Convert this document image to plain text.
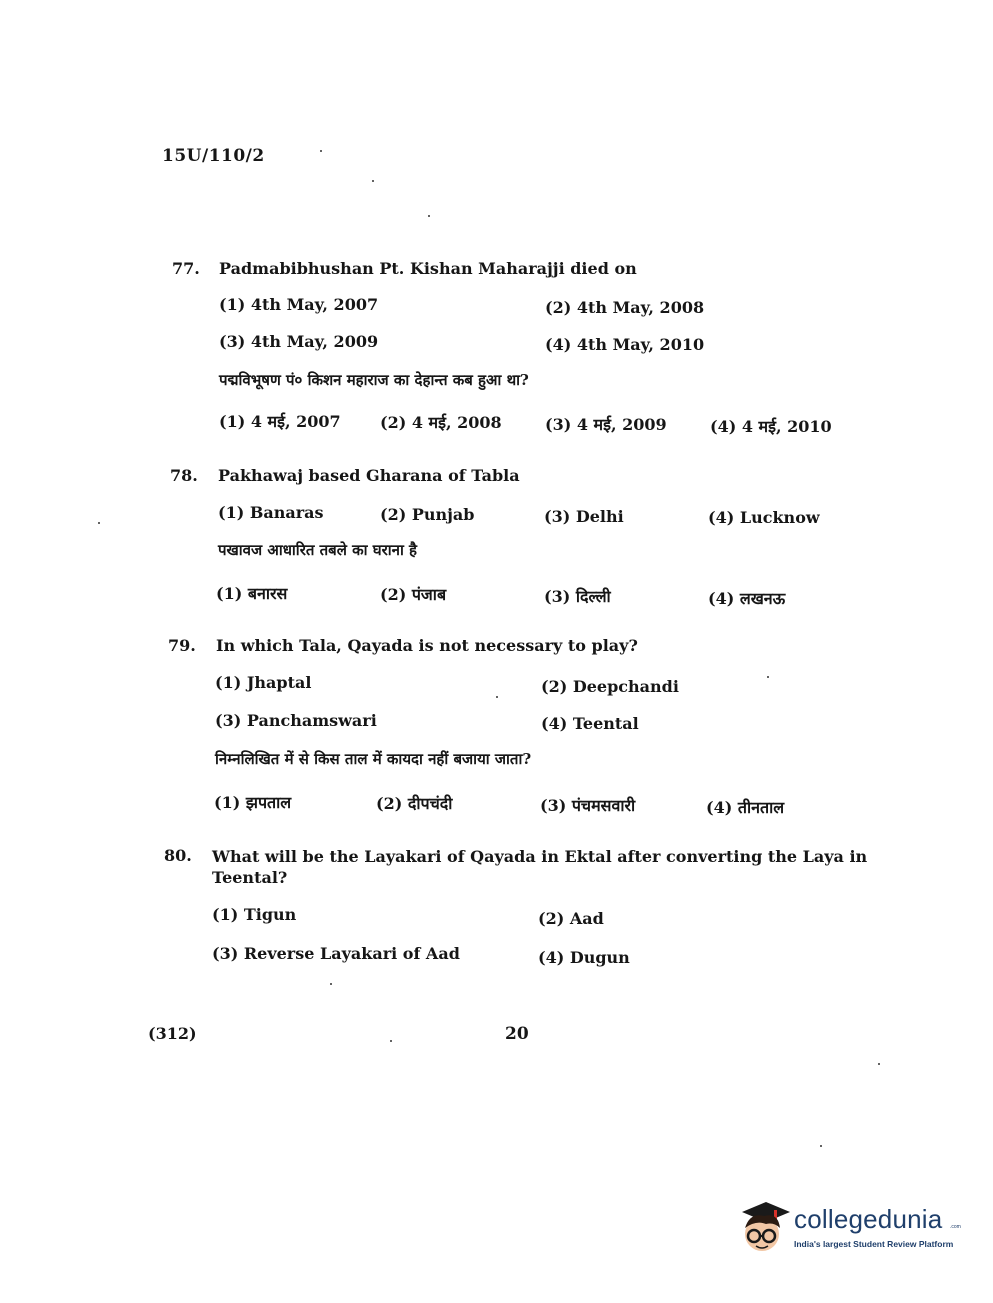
15U/110/2
77. Padmabibhushan Pt. Kishan Maharajji died on
(1) 4th May, 2007	(2) 4th May, 2008
(3) 4th May, 2009	(4) 4th May, 2010
पद्मविभूषण पं० किशन महाराज का देहान्त कब हुआ था?
(1) 4 मई, 2007 (2) 4 मई, 2008	(3) 4 मई, 2009	(4) 4 मई, 2010
78. Pakhawaj based Gharana of Tabla
(1) Banaras	(2) Punjab	(3) Delhi	(4) Lucknow
पखावज आधारित तबले का घराना है
(1) बनारस	(2) पंजाब	(3) दिल्ली	(4) लखनऊ
79. In which Tala, Qayada is not necessary to play?
(1) Jhaptal	(2) Deepchandi
(3) Panchamswari	(4) Teental
निम्नलिखित में से किस ताल में कायदा नहीं बजाया जाता?
(1) झपताल	(2) दीपचंदी	(3) पंचमसवारी	(4) तीनताल
80. What will be the Layakari of Qayada in Ektal after converting the Laya in Teental?
(1) Tigun	(2) Aad
(3) Reverse Layakari of Aad	(4) Dugun
(312)	20
collegedunia .com
India's largest Student Review Platform
